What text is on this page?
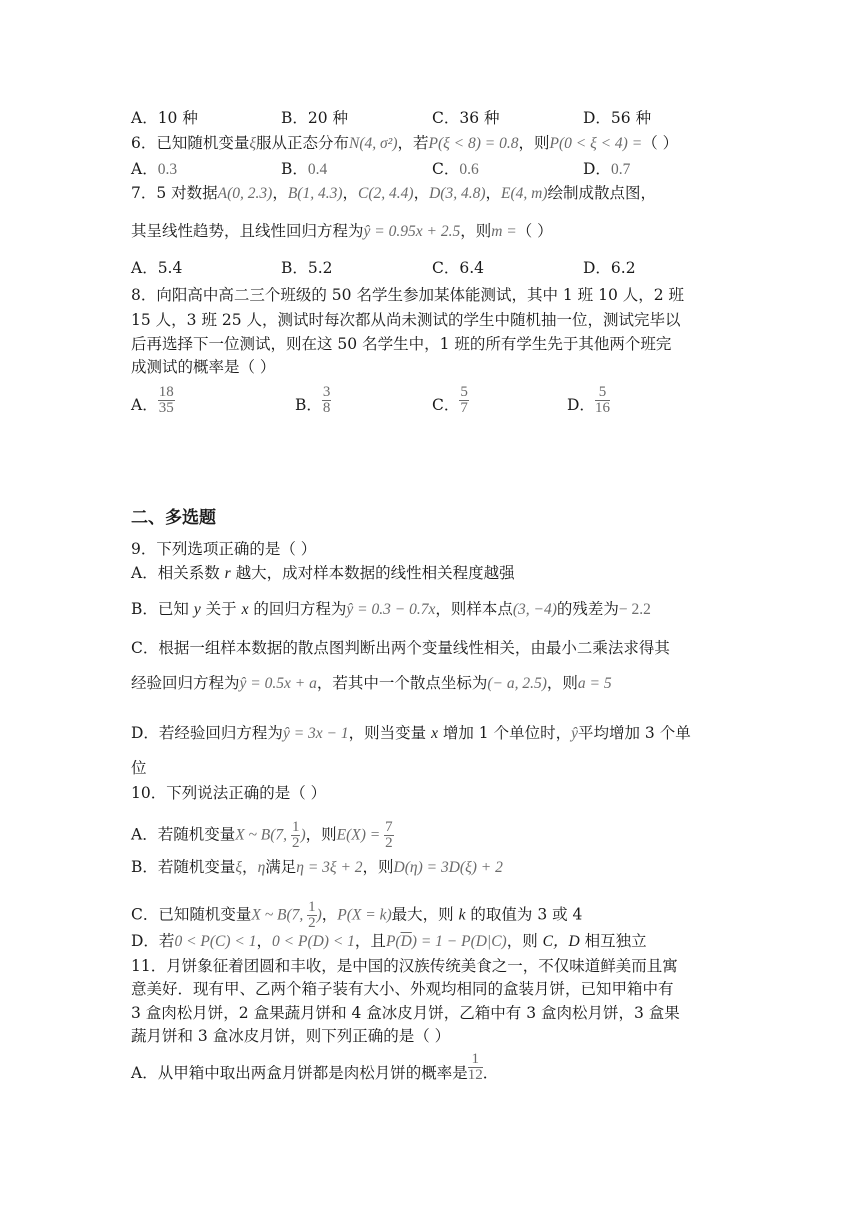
A．10 种	B．20 种	C．36 种	D．56 种
6．已知随机变量ξ服从正态分布N(4, σ²)，若P(ξ < 8) = 0.8，则P(0 < ξ < 4) =（ ）
A．0.3	B．0.4	C．0.6	D．0.7
7．5 对数据A(0, 2.3)，B(1, 4.3)，C(2, 4.4)，D(3, 4.8)，E(4, m)绘制成散点图，
其呈线性趋势，且线性回归方程为ŷ = 0.95x + 2.5，则m =（ ）
A．5.4	B．5.2	C．6.4	D．6.2
8．向阳高中高二三个班级的 50 名学生参加某体能测试，其中 1 班 10 人，2 班
15 人，3 班 25 人，测试时每次都从尚未测试的学生中随机抽一位，测试完毕以
后再选择下一位测试，则在这 50 名学生中，1 班的所有学生先于其他两个班完
成测试的概率是（ ）
A． $\frac{18}{35}$	B． $\frac{3}{8}$	C． $\frac{5}{7}$	D． $\frac{5}{16}$
二、多选题
9．下列选项正确的是（ ）
A．相关系数 r 越大，成对样本数据的线性相关程度越强
B．已知 y 关于 x 的回归方程为ŷ = 0.3 − 0.7x，则样本点(3, −4)的残差为− 2.2
C．根据一组样本数据的散点图判断出两个变量线性相关，由最小二乘法求得其
经验回归方程为ŷ = 0.5x + a，若其中一个散点坐标为(− a, 2.5)，则a = 5
D．若经验回归方程为ŷ = 3x − 1，则当变量 x 增加 1 个单位时，ŷ平均增加 3 个单
位
10．下列说法正确的是（ ）
A．若随机变量X ~ B(7, $\frac{1}{2}$ )，则$E(X) = \frac{7}{2}$
B．若随机变量ξ，η满足η = 3ξ + 2，则D(η) = 3D(ξ) + 2
C．已知随机变量X ~ B(7, $\frac{1}{2}$ )，P(X = k)最大，则 k 的取值为 3 或 4
D．若0 < P(C) < 1，0 < P(D) < 1，且$P(\overline{D}) = 1 - P(D|C)$，则 C，D 相互独立
11．月饼象征着团圆和丰收，是中国的汉族传统美食之一，不仅味道鲜美而且寓
意美好．现有甲、乙两个箱子装有大小、外观均相同的盒装月饼，已知甲箱中有
3 盒肉松月饼，2 盒果蔬月饼和 4 盒冰皮月饼，乙箱中有 3 盒肉松月饼，3 盒果
蔬月饼和 3 盒冰皮月饼，则下列正确的是（ ）
A．从甲箱中取出两盒月饼都是肉松月饼的概率是 $\frac{1}{12}$ ．
